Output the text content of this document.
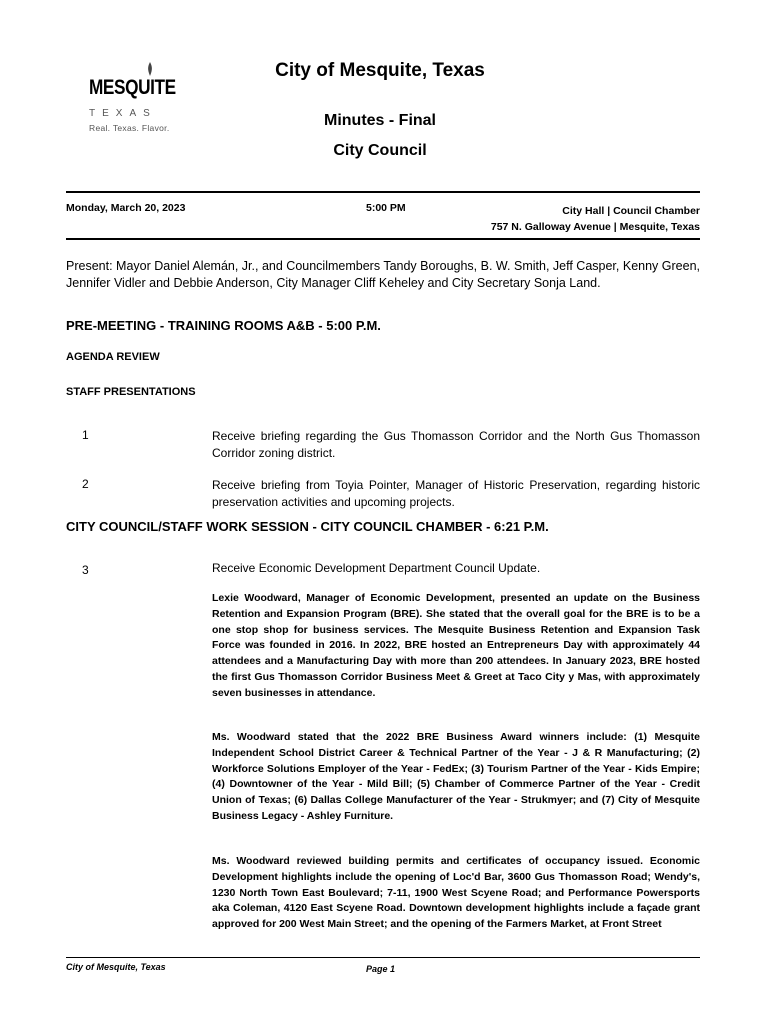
MESQUITE
TEXAS
Real. Texas. Flavor.
City of Mesquite, Texas
Minutes - Final
City Council
Monday, March 20, 2023	5:00 PM	City Hall | Council Chamber
757 N. Galloway Avenue | Mesquite, Texas
Present: Mayor Daniel Alemán, Jr., and Councilmembers Tandy Boroughs, B. W. Smith, Jeff Casper, Kenny Green, Jennifer Vidler and Debbie Anderson, City Manager Cliff Keheley and City Secretary Sonja Land.
PRE-MEETING - TRAINING ROOMS A&B - 5:00 P.M.
AGENDA REVIEW
STAFF PRESENTATIONS
1	Receive briefing regarding the Gus Thomasson Corridor and the North Gus Thomasson Corridor zoning district.
2	Receive briefing from Toyia Pointer, Manager of Historic Preservation, regarding historic preservation activities and upcoming projects.
CITY COUNCIL/STAFF WORK SESSION - CITY COUNCIL CHAMBER - 6:21 P.M.
3	Receive Economic Development Department Council Update.
Lexie Woodward, Manager of Economic Development, presented an update on the Business Retention and Expansion Program (BRE). She stated that the overall goal for the BRE is to be a one stop shop for business services. The Mesquite Business Retention and Expansion Task Force was founded in 2016. In 2022, BRE hosted an Entrepreneurs Day with approximately 44 attendees and a Manufacturing Day with more than 200 attendees. In January 2023, BRE hosted the first Gus Thomasson Corridor Business Meet & Greet at Taco City y Mas, with approximately seven businesses in attendance.
Ms. Woodward stated that the 2022 BRE Business Award winners include: (1) Mesquite Independent School District Career & Technical Partner of the Year - J & R Manufacturing; (2) Workforce Solutions Employer of the Year - FedEx; (3) Tourism Partner of the Year - Kids Empire; (4) Downtowner of the Year - Mild Bill; (5) Chamber of Commerce Partner of the Year - Credit Union of Texas; (6) Dallas College Manufacturer of the Year - Strukmyer; and (7) City of Mesquite Business Legacy - Ashley Furniture.
Ms. Woodward reviewed building permits and certificates of occupancy issued. Economic Development highlights include the opening of Loc'd Bar, 3600 Gus Thomasson Road; Wendy's, 1230 North Town East Boulevard; 7-11, 1900 West Scyene Road; and Performance Powersports aka Coleman, 4120 East Scyene Road. Downtown development highlights include a façade grant approved for 200 West Main Street; and the opening of the Farmers Market, at Front Street
City of Mesquite, Texas	Page 1
